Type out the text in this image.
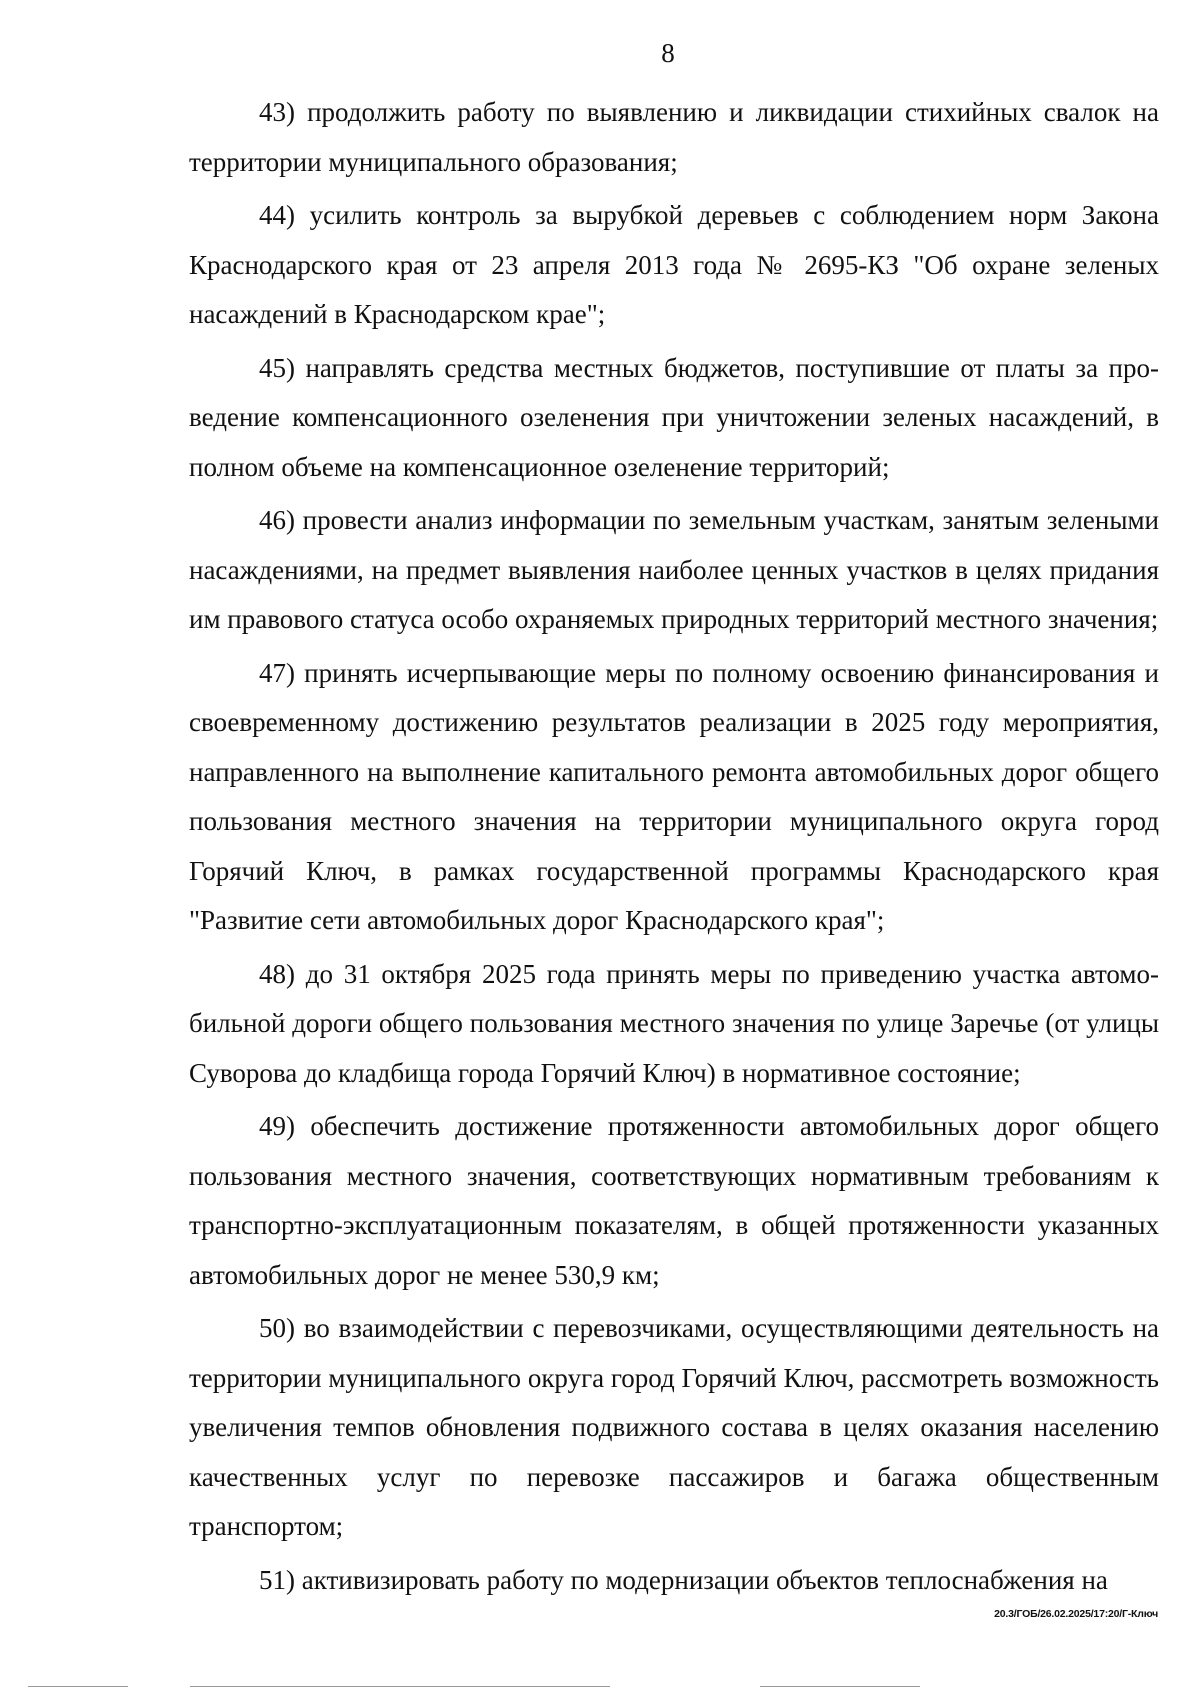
8

43) продолжить работу по выявлению и ликвидации стихийных свалок на территории муниципального образования;

44) усилить контроль за вырубкой деревьев с соблюдением норм Закона Краснодарского края от 23 апреля 2013 года № 2695-КЗ "Об охране зеленых насаждений в Краснодарском крае";

45) направлять средства местных бюджетов, поступившие от платы за проведение компенсационного озеленения при уничтожении зеленых насаждений, в полном объеме на компенсационное озеленение территорий;

46) провести анализ информации по земельным участкам, занятым зелеными насаждениями, на предмет выявления наиболее ценных участков в целях придания им правового статуса особо охраняемых природных территорий местного значения;

47) принять исчерпывающие меры по полному освоению финансирования и своевременному достижению результатов реализации в 2025 году мероприятия, направленного на выполнение капитального ремонта автомобильных дорог общего пользования местного значения на территории муниципального округа город Горячий Ключ, в рамках государственной программы Краснодарского края "Развитие сети автомобильных дорог Краснодарского края";

48) до 31 октября 2025 года принять меры по приведению участка автомобильной дороги общего пользования местного значения по улице Заречье (от улицы Суворова до кладбища города Горячий Ключ) в нормативное состояние;

49) обеспечить достижение протяженности автомобильных дорог общего пользования местного значения, соответствующих нормативным требованиям к транспортно-эксплуатационным показателям, в общей протяженности указанных автомобильных дорог не менее 530,9 км;

50) во взаимодействии с перевозчиками, осуществляющими деятельность на территории муниципального округа город Горячий Ключ, рассмотреть возможность увеличения темпов обновления подвижного состава в целях оказания населению качественных услуг по перевозке пассажиров и багажа общественным транспортом;

51) активизировать работу по модернизации объектов теплоснабжения на

20.3/ГОБ/26.02.2025/17:20/Г-Ключ
